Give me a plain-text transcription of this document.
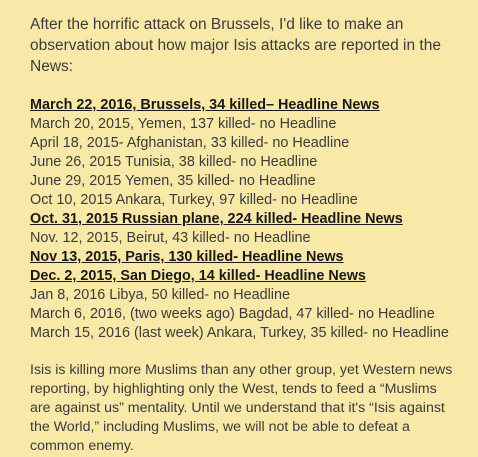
After the horrific attack on Brussels, I'd like to make an observation about how major Isis attacks are reported in the News:

March 22, 2016, Brussels, 34 killed– Headline News
March 20, 2015, Yemen, 137 killed- no Headline
April 18, 2015- Afghanistan, 33 killed- no Headline
June 26, 2015 Tunisia, 38 killed- no Headline
June 29, 2015 Yemen, 35 killed- no Headline
Oct 10, 2015 Ankara, Turkey, 97 killed- no Headline
Oct. 31, 2015 Russian plane, 224 killed- Headline News
Nov. 12, 2015, Beirut, 43 killed- no Headline
Nov 13, 2015, Paris, 130 killed- Headline News
Dec. 2, 2015, San Diego, 14 killed- Headline News
Jan 8, 2016 Libya, 50 killed- no Headline
March 6, 2016, (two weeks ago) Bagdad, 47 killed- no Headline
March 15, 2016 (last week) Ankara, Turkey, 35 killed- no Headline

Isis is killing more Muslims than any other group, yet Western news reporting, by highlighting only the West, tends to feed a “Muslims are against us” mentality. Until we understand that it's “Isis against the World,” including Muslims, we will not be able to defeat a common enemy.
